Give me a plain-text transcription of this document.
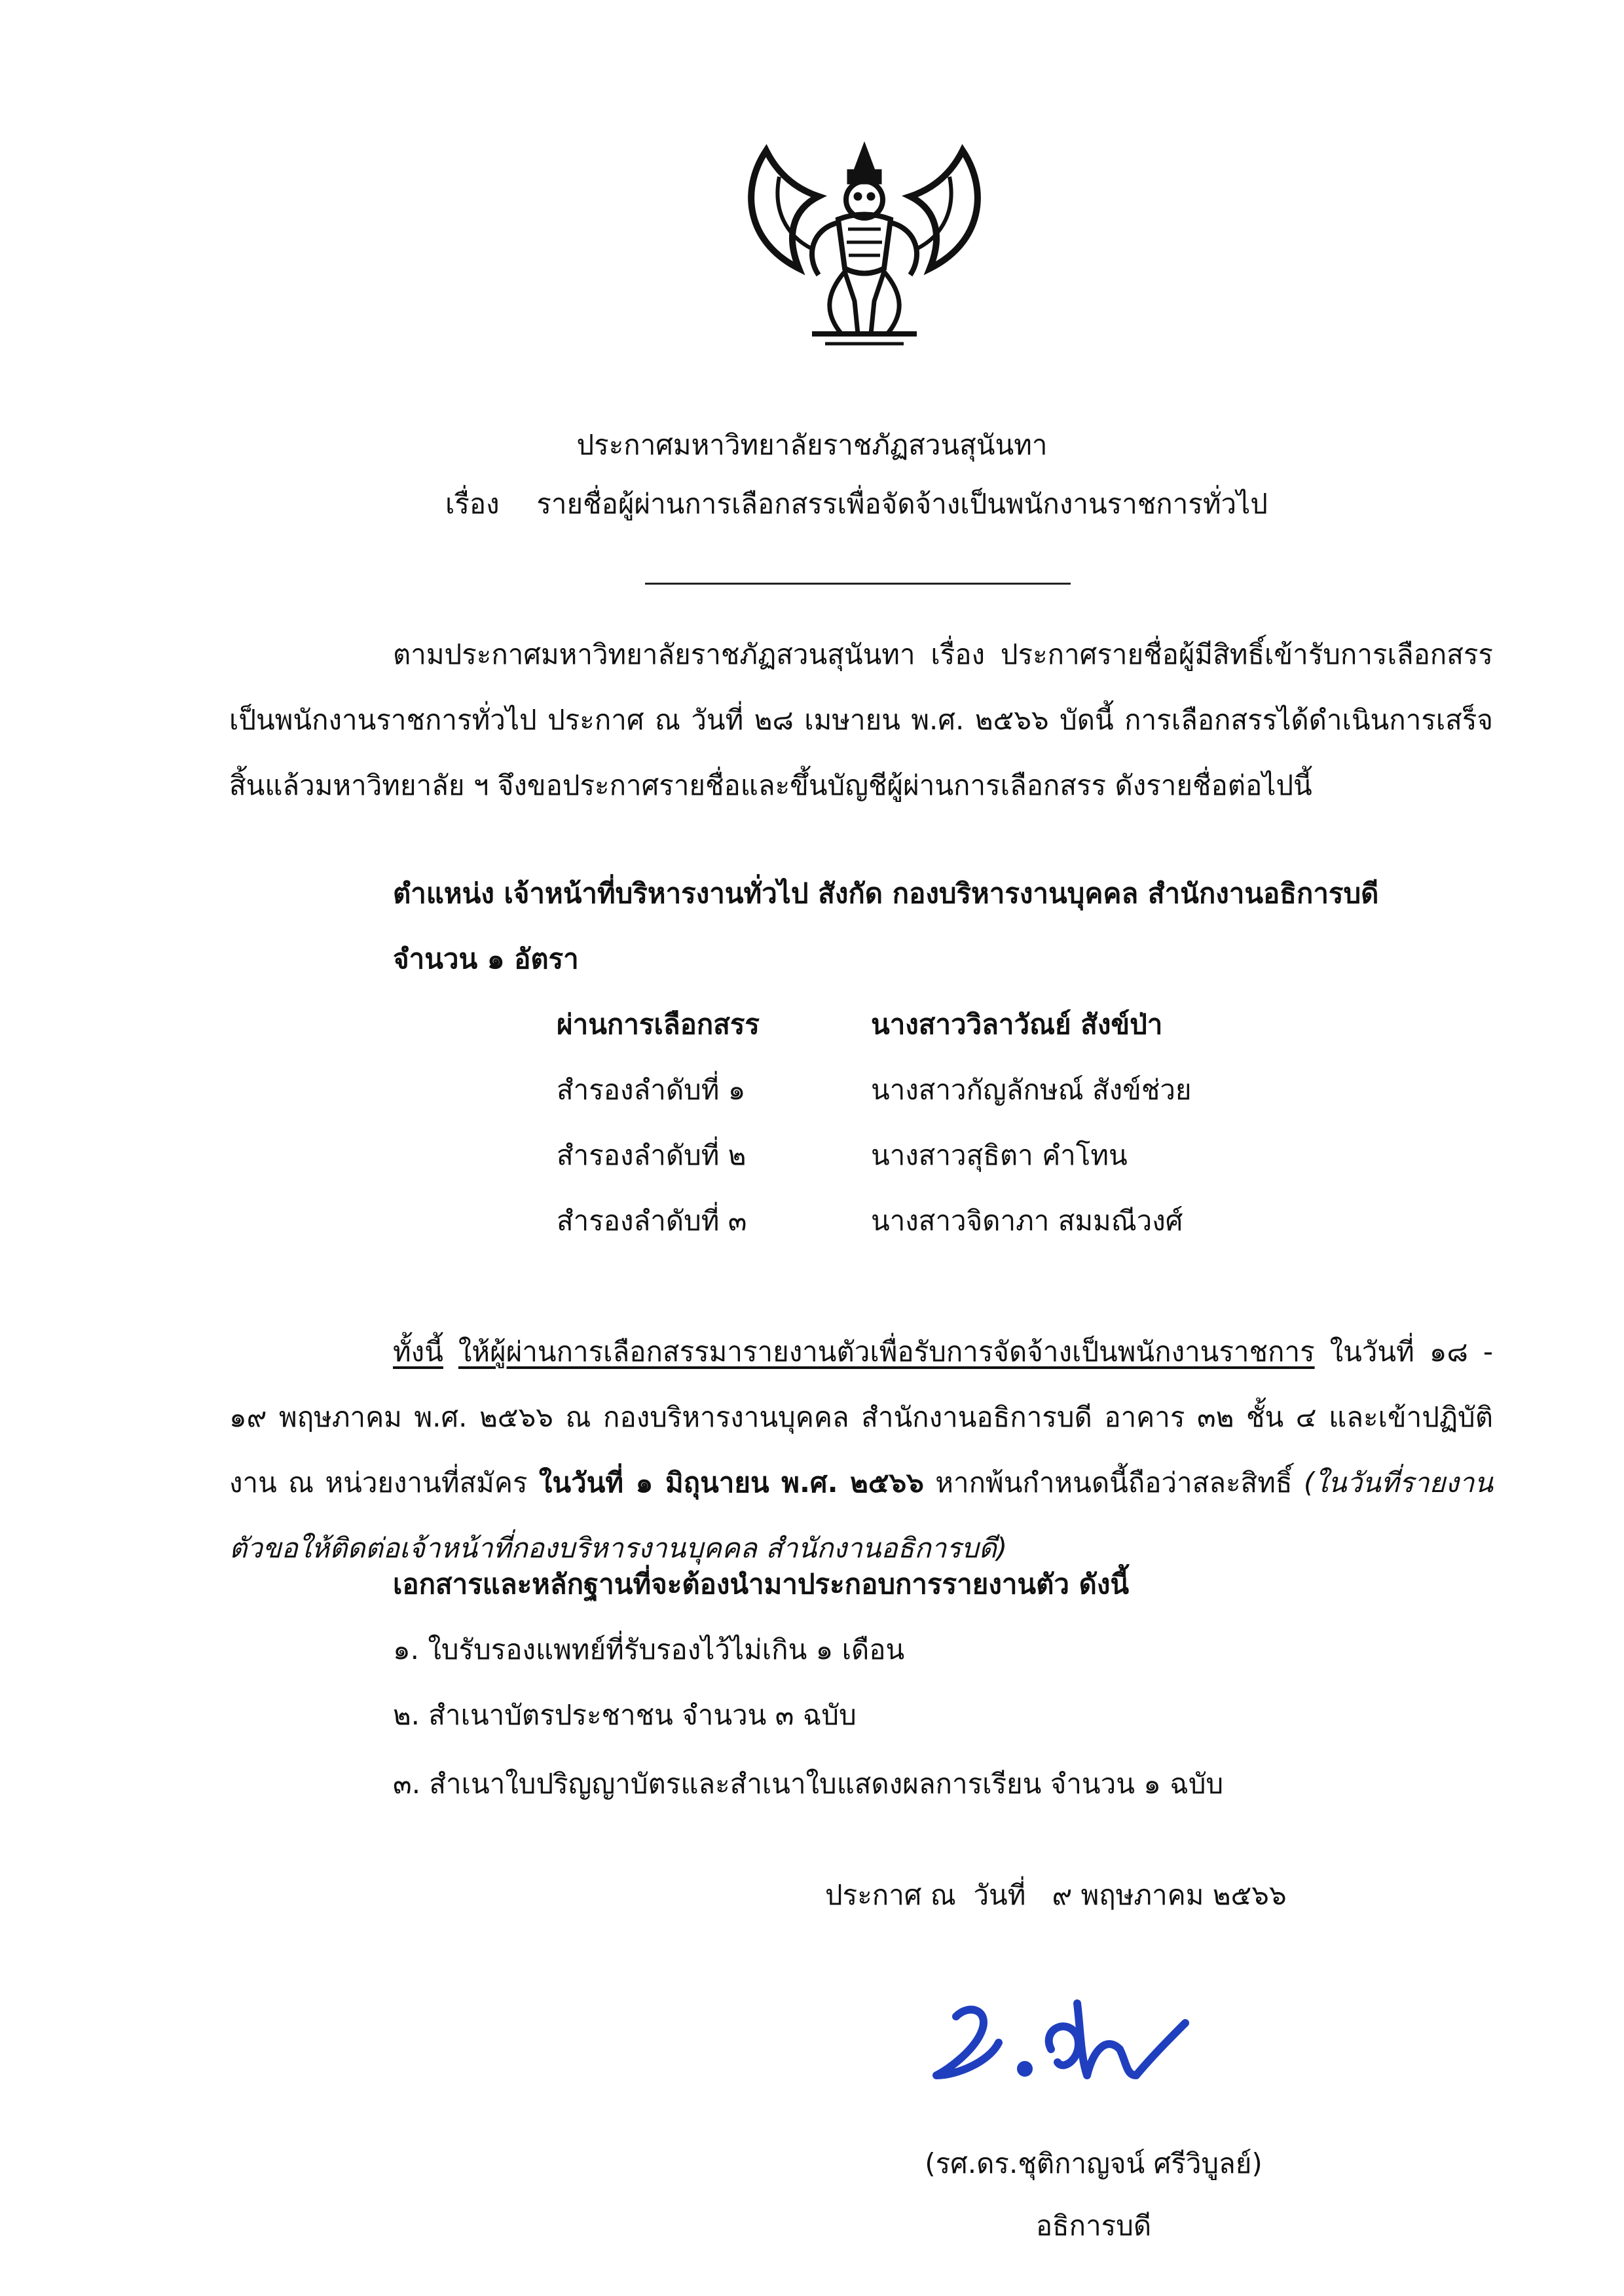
ประกาศมหาวิทยาลัยราชภัฏสวนสุนันทา
เรื่อง รายชื่อผู้ผ่านการเลือกสรรเพื่อจัดจ้างเป็นพนักงานราชการทั่วไป
ตามประกาศมหาวิทยาลัยราชภัฏสวนสุนันทา เรื่อง ประกาศรายชื่อผู้มีสิทธิ์เข้ารับการเลือกสรร เป็นพนักงานราชการทั่วไป ประกาศ ณ วันที่ ๒๘ เมษายน พ.ศ. ๒๕๖๖ บัดนี้ การเลือกสรรได้ดำเนินการเสร็จสิ้นแล้วมหาวิทยาลัย ฯ จึงขอประกาศรายชื่อและขึ้นบัญชีผู้ผ่านการเลือกสรร ดังรายชื่อต่อไปนี้
ตำแหน่ง เจ้าหน้าที่บริหารงานทั่วไป สังกัด กองบริหารงานบุคคล สำนักงานอธิการบดี
จำนวน ๑ อัตรา
ผ่านการเลือกสรร	นางสาววิลาวัณย์ สังข์ป่า
สำรองลำดับที่ ๑	นางสาวกัญลักษณ์ สังข์ช่วย
สำรองลำดับที่ ๒	นางสาวสุธิตา คำโทน
สำรองลำดับที่ ๓	นางสาวจิดาภา สมมณีวงศ์
ทั้งนี้ ให้ผู้ผ่านการเลือกสรรมารายงานตัวเพื่อรับการจัดจ้างเป็นพนักงานราชการ ในวันที่ ๑๘ - ๑๙ พฤษภาคม พ.ศ. ๒๕๖๖ ณ กองบริหารงานบุคคล สำนักงานอธิการบดี อาคาร ๓๒ ชั้น ๔ และเข้าปฏิบัติงาน ณ หน่วยงานที่สมัคร ในวันที่ ๑ มิถุนายน พ.ศ. ๒๕๖๖ หากพ้นกำหนดนี้ถือว่าสละสิทธิ์ (ในวันที่รายงานตัวขอให้ติดต่อเจ้าหน้าที่กองบริหารงานบุคคล สำนักงานอธิการบดี)
เอกสารและหลักฐานที่จะต้องนำมาประกอบการรายงานตัว ดังนี้
๑. ใบรับรองแพทย์ที่รับรองไว้ไม่เกิน ๑ เดือน
๒. สำเนาบัตรประชาชน จำนวน ๓ ฉบับ
๓. สำเนาใบปริญญาบัตรและสำเนาใบแสดงผลการเรียน จำนวน ๑ ฉบับ
ประกาศ ณ  วันที่   ๙ พฤษภาคม ๒๕๖๖
(รศ.ดร.ชุติกาญจน์ ศรีวิบูลย์)
อธิการบดี
